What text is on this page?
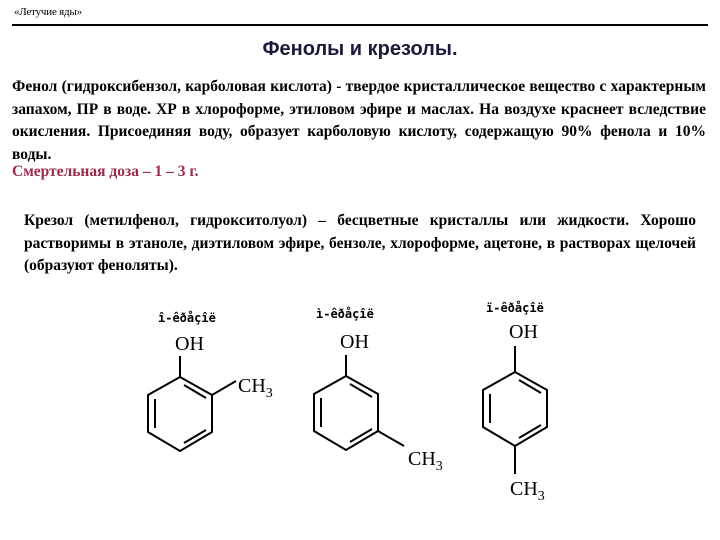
«Летучие яды»
Фенолы и крезолы.
Фенол (гидроксибензол, карболовая кислота) - твердое кристаллическое вещество с характерным запахом, ПР в воде. ХР в хлороформе, этиловом эфире и маслах. На воздухе краснеет вследствие окисления. Присоединяя воду, образует карболовую кислоту, содержащую 90% фенола и 10% воды.
Смертельная доза – 1 – 3 г.
Крезол (метилфенол, гидрокситолуол) – бесцветные кристаллы или жидкости. Хорошо растворимы в этаноле, диэтиловом эфире, бензоле, хлороформе, ацетоне, в растворах щелочей (образуют феноляты).
î-êðåçîë
OH
$CH_3$
ì-êðåçîë
OH
$CH_3$
ï-êðåçîë
OH
$CH_3$
